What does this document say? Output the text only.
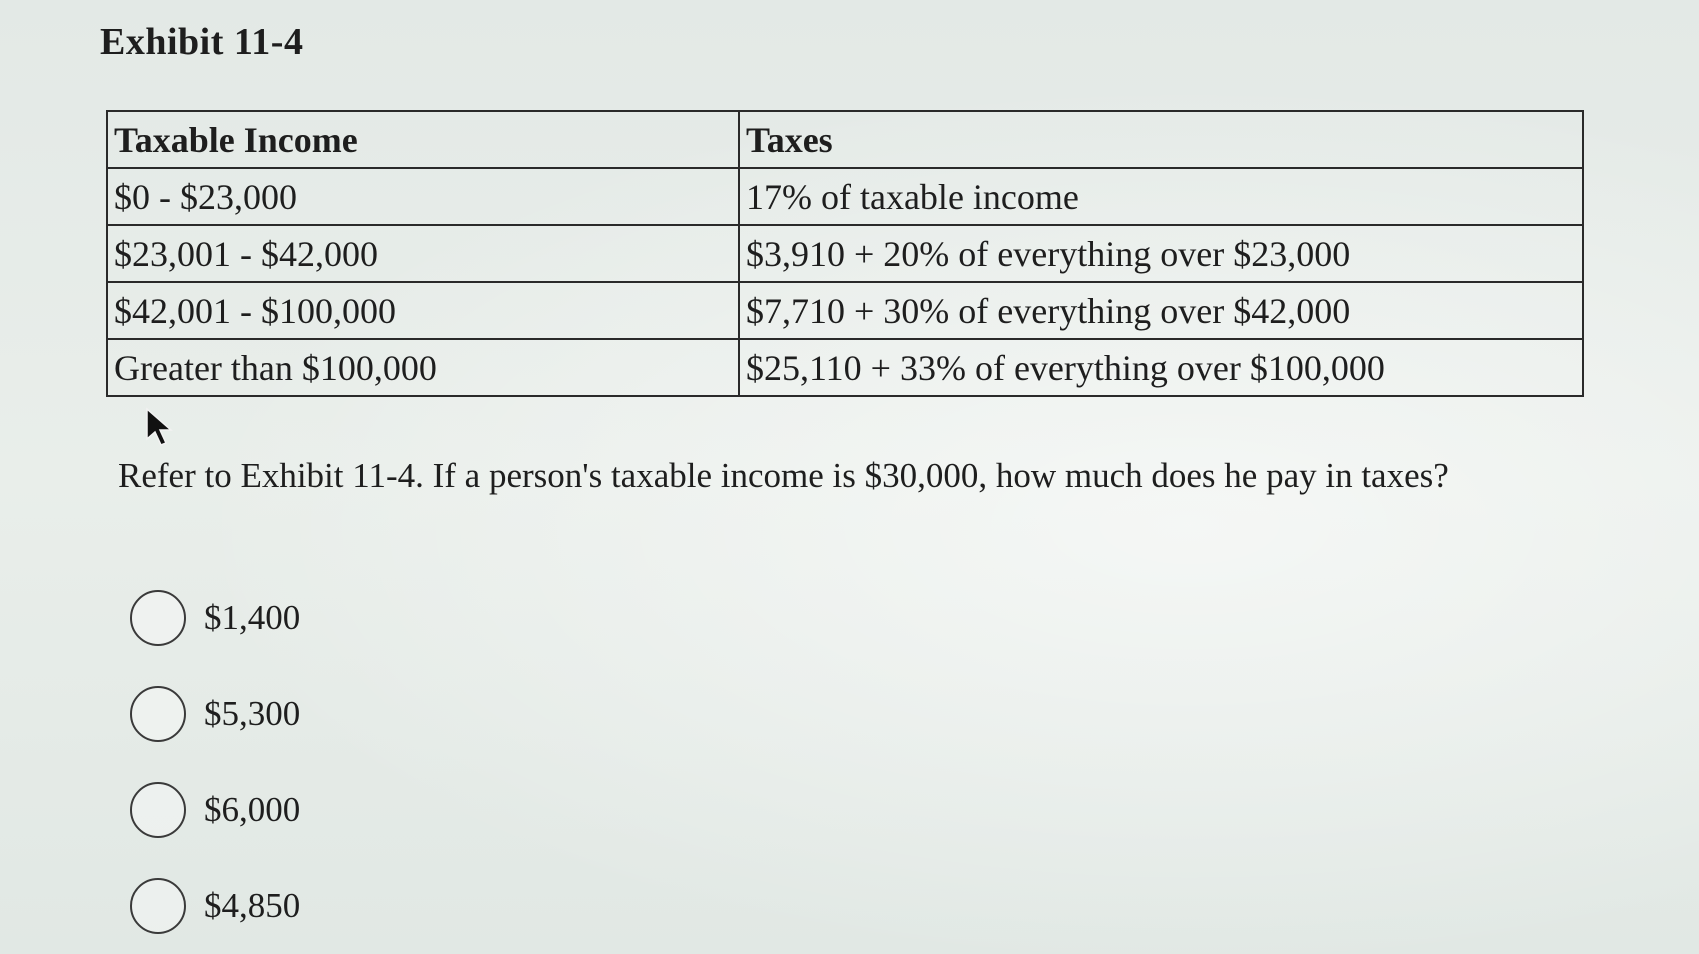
Exhibit 11-4
Taxable Income	Taxes
$0 - $23,000	17% of taxable income
$23,001 - $42,000	$3,910 + 20% of everything over $23,000
$42,001 - $100,000	$7,710 + 30% of everything over $42,000
Greater than $100,000	$25,110 + 33% of everything over $100,000
Refer to Exhibit 11-4. If a person's taxable income is $30,000, how much does he pay in taxes?
$1,400
$5,300
$6,000
$4,850
